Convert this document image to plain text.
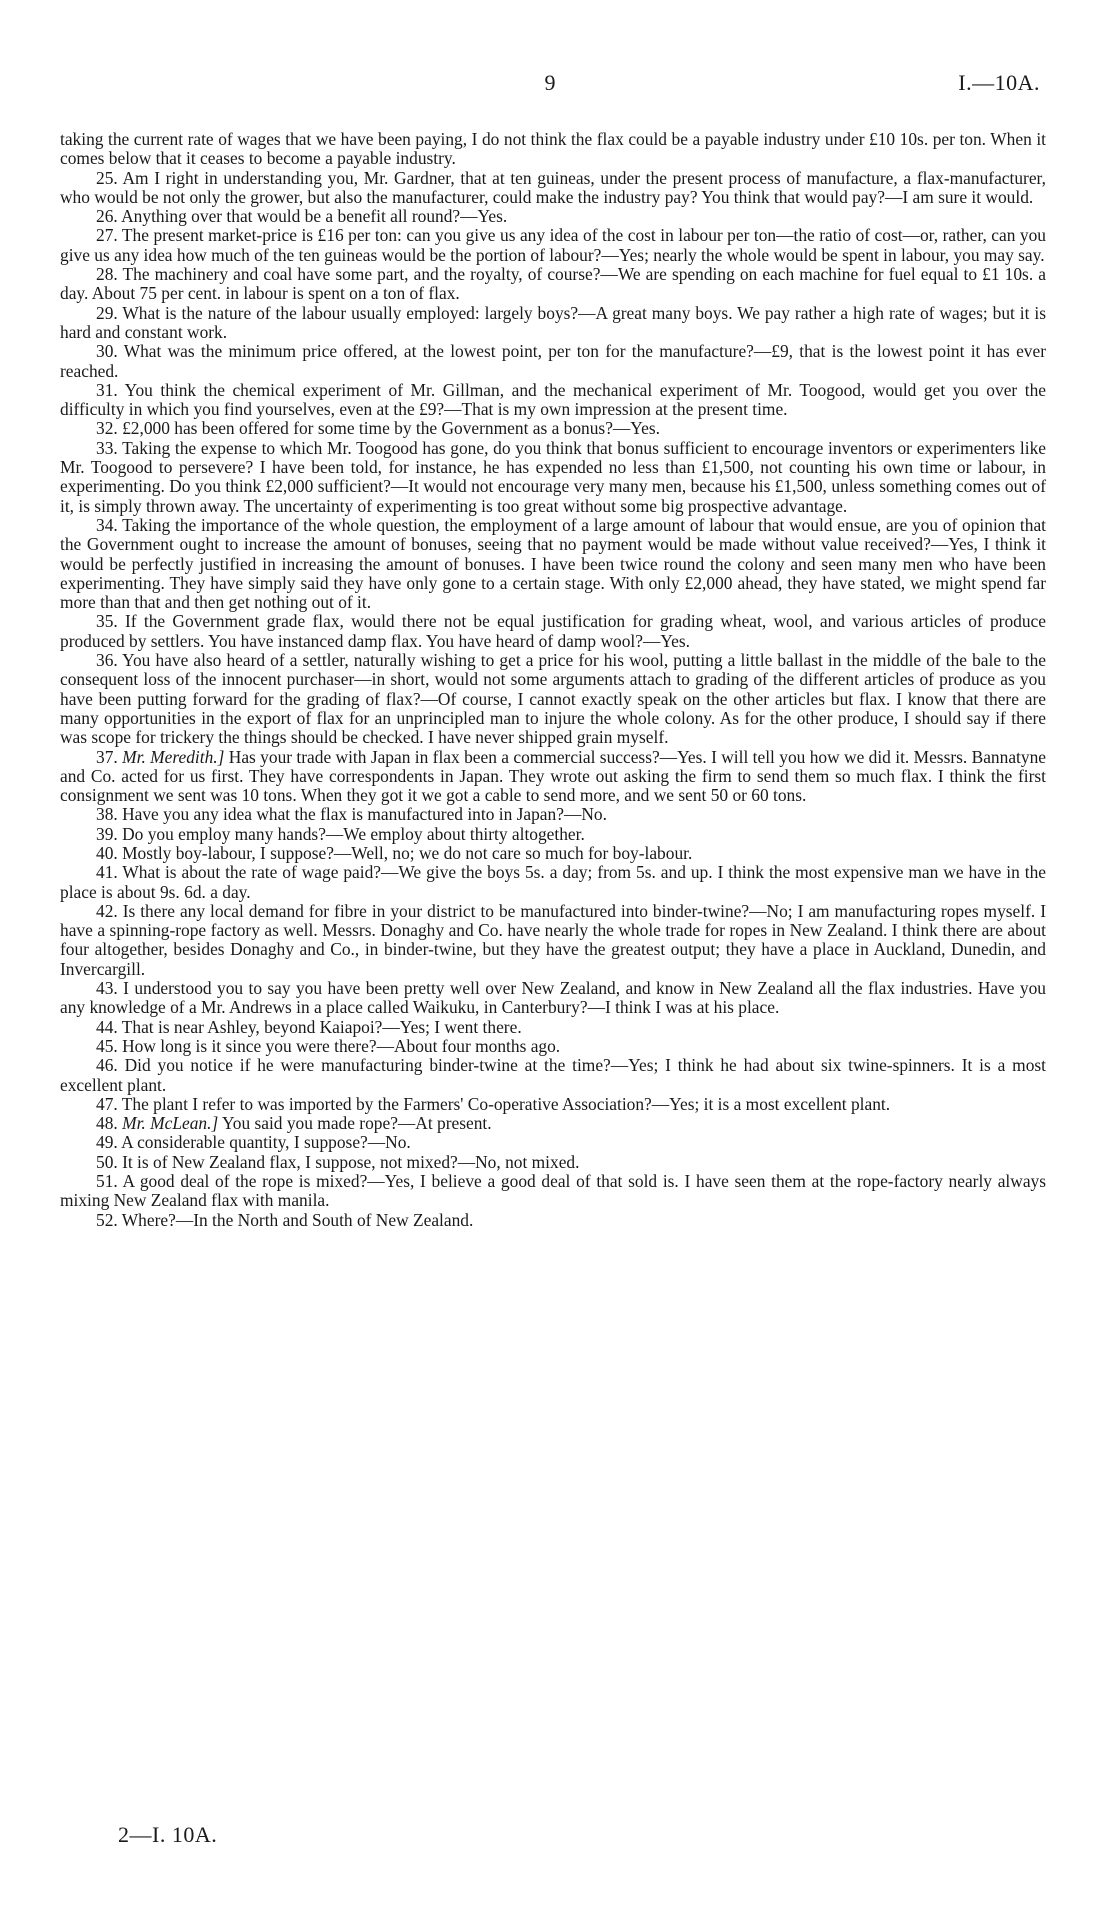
9	I.—10A.

taking the current rate of wages that we have been paying, I do not think the flax could be a payable industry under £10 10s. per ton. When it comes below that it ceases to become a payable industry.

25. Am I right in understanding you, Mr. Gardner, that at ten guineas, under the present process of manufacture, a flax-manufacturer, who would be not only the grower, but also the manufacturer, could make the industry pay? You think that would pay?—I am sure it would.

26. Anything over that would be a benefit all round?—Yes.

27. The present market-price is £16 per ton: can you give us any idea of the cost in labour per ton—the ratio of cost—or, rather, can you give us any idea how much of the ten guineas would be the portion of labour?—Yes; nearly the whole would be spent in labour, you may say.

28. The machinery and coal have some part, and the royalty, of course?—We are spending on each machine for fuel equal to £1 10s. a day. About 75 per cent. in labour is spent on a ton of flax.

29. What is the nature of the labour usually employed: largely boys?—A great many boys. We pay rather a high rate of wages; but it is hard and constant work.

30. What was the minimum price offered, at the lowest point, per ton for the manufacture?—£9, that is the lowest point it has ever reached.

31. You think the chemical experiment of Mr. Gillman, and the mechanical experiment of Mr. Toogood, would get you over the difficulty in which you find yourselves, even at the £9?—That is my own impression at the present time.

32. £2,000 has been offered for some time by the Government as a bonus?—Yes.

33. Taking the expense to which Mr. Toogood has gone, do you think that bonus sufficient to encourage inventors or experimenters like Mr. Toogood to persevere? I have been told, for instance, he has expended no less than £1,500, not counting his own time or labour, in experimenting. Do you think £2,000 sufficient?—It would not encourage very many men, because his £1,500, unless something comes out of it, is simply thrown away. The uncertainty of experimenting is too great without some big prospective advantage.

34. Taking the importance of the whole question, the employment of a large amount of labour that would ensue, are you of opinion that the Government ought to increase the amount of bonuses, seeing that no payment would be made without value received?—Yes, I think it would be perfectly justified in increasing the amount of bonuses. I have been twice round the colony and seen many men who have been experimenting. They have simply said they have only gone to a certain stage. With only £2,000 ahead, they have stated, we might spend far more than that and then get nothing out of it.

35. If the Government grade flax, would there not be equal justification for grading wheat, wool, and various articles of produce produced by settlers. You have instanced damp flax. You have heard of damp wool?—Yes.

36. You have also heard of a settler, naturally wishing to get a price for his wool, putting a little ballast in the middle of the bale to the consequent loss of the innocent purchaser—in short, would not some arguments attach to grading of the different articles of produce as you have been putting forward for the grading of flax?—Of course, I cannot exactly speak on the other articles but flax. I know that there are many opportunities in the export of flax for an unprincipled man to injure the whole colony. As for the other produce, I should say if there was scope for trickery the things should be checked. I have never shipped grain myself.

37. Mr. Meredith.] Has your trade with Japan in flax been a commercial success?—Yes. I will tell you how we did it. Messrs. Bannatyne and Co. acted for us first. They have correspondents in Japan. They wrote out asking the firm to send them so much flax. I think the first consignment we sent was 10 tons. When they got it we got a cable to send more, and we sent 50 or 60 tons.

38. Have you any idea what the flax is manufactured into in Japan?—No.

39. Do you employ many hands?—We employ about thirty altogether.

40. Mostly boy-labour, I suppose?—Well, no; we do not care so much for boy-labour.

41. What is about the rate of wage paid?—We give the boys 5s. a day; from 5s. and up. I think the most expensive man we have in the place is about 9s. 6d. a day.

42. Is there any local demand for fibre in your district to be manufactured into binder-twine?—No; I am manufacturing ropes myself. I have a spinning-rope factory as well. Messrs. Donaghy and Co. have nearly the whole trade for ropes in New Zealand. I think there are about four altogether, besides Donaghy and Co., in binder-twine, but they have the greatest output; they have a place in Auckland, Dunedin, and Invercargill.

43. I understood you to say you have been pretty well over New Zealand, and know in New Zealand all the flax industries. Have you any knowledge of a Mr. Andrews in a place called Waikuku, in Canterbury?—I think I was at his place.

44. That is near Ashley, beyond Kaiapoi?—Yes; I went there.

45. How long is it since you were there?—About four months ago.

46. Did you notice if he were manufacturing binder-twine at the time?—Yes; I think he had about six twine-spinners. It is a most excellent plant.

47. The plant I refer to was imported by the Farmers' Co-operative Association?—Yes; it is a most excellent plant.

48. Mr. McLean.] You said you made rope?—At present.

49. A considerable quantity, I suppose?—No.

50. It is of New Zealand flax, I suppose, not mixed?—No, not mixed.

51. A good deal of the rope is mixed?—Yes, I believe a good deal of that sold is. I have seen them at the rope-factory nearly always mixing New Zealand flax with manila.

52. Where?—In the North and South of New Zealand.

2—I. 10A.
